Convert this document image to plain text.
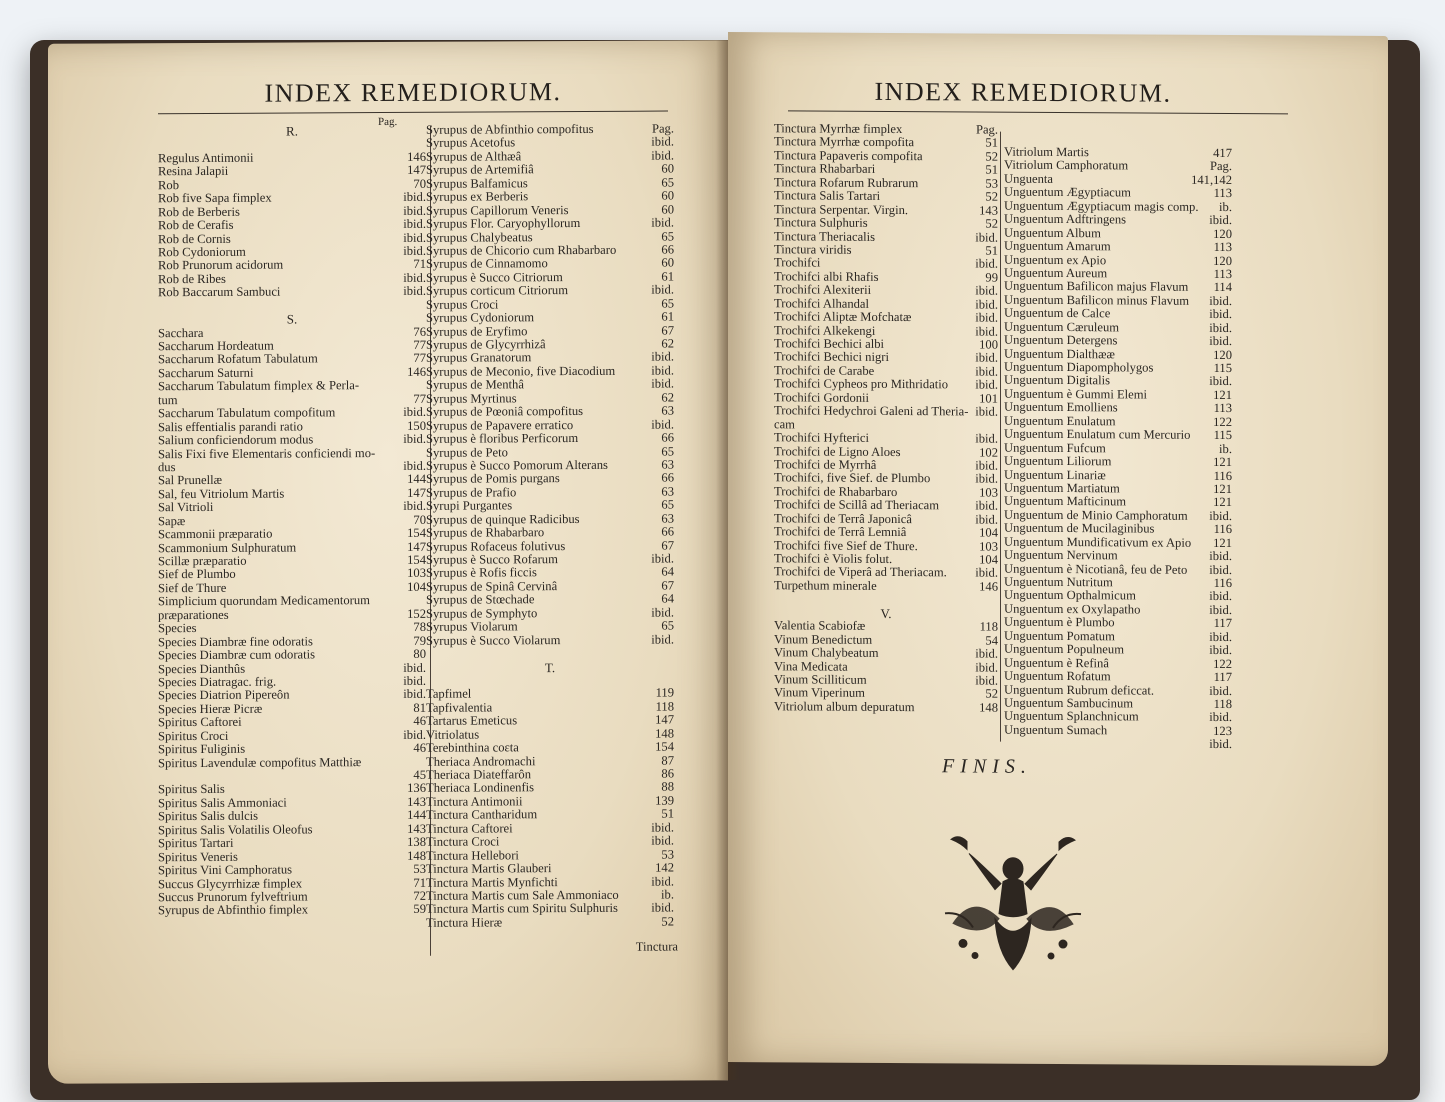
INDEX REMEDIORUM.
Pag.
R.
Regulus Antimonii	146
Resina Jalapii	147
Rob	70
Rob five Sapa fimplex	ibid.
Rob de Berberis	ibid.
Rob de Cerafis	ibid.
Rob de Cornis	ibid.
Rob Cydoniorum	ibid.
Rob Prunorum acidorum	71
Rob de Ribes	ibid.
Rob Baccarum Sambuci	ibid.
S.
Sacchara	76
Saccharum Hordeatum	77
Saccharum Rofatum Tabulatum	77
Saccharum Saturni	146
Saccharum Tabulatum fimplex & Perla-
tum	77
Saccharum Tabulatum compofitum	ibid.
Salis effentialis parandi ratio	150
Salium conficiendorum modus	ibid.
Salis Fixi five Elementaris conficiendi mo-
dus	ibid.
Sal Prunellæ	144
Sal, feu Vitriolum Martis	147
Sal Vitrioli	ibid.
Sapæ	70
Scammonii præparatio	154
Scammonium Sulphuratum	147
Scillæ præparatio	154
Sief de Plumbo	103
Sief de Thure	104
Simplicium quorundam Medicamentorum
præparationes	152
Species	78
Species Diambræ fine odoratis	79
Species Diambræ cum odoratis	80
Species Dianthûs	ibid.
Species Diatragac. frig.	ibid.
Species Diatrion Pipereôn	ibid.
Species Hieræ Picræ	81
Spiritus Caftorei	46
Spiritus Croci	ibid.
Spiritus Fuliginis	46
Spiritus Lavendulæ compofitus Matthiæ
45
Spiritus Salis	136
Spiritus Salis Ammoniaci	143
Spiritus Salis dulcis	144
Spiritus Salis Volatilis Oleofus	143
Spiritus Tartari	138
Spiritus Veneris	148
Spiritus Vini Camphoratus	53
Succus Glycyrrhizæ fimplex	71
Succus Prunorum fylveftrium	72
Syrupus de Abfinthio fimplex	59
Syrupus de Abfinthio compofitus	Pag.
Syrupus Acetofus	ibid.
Syrupus de Althæâ	ibid.
Syrupus de Artemifiâ	60
Syrupus Balfamicus	65
Syrupus ex Berberis	60
Syrupus Capillorum Veneris	60
Syrupus Flor. Caryophyllorum	ibid.
Syrupus Chalybeatus	65
Syrupus de Chicorio cum Rhabarbaro	66
Syrupus de Cinnamomo	60
Syrupus è Succo Citriorum	61
Syrupus corticum Citriorum	ibid.
Syrupus Croci	65
Syrupus Cydoniorum	61
Syrupus de Eryfimo	67
Syrupus de Glycyrrhizâ	62
Syrupus Granatorum	ibid.
Syrupus de Meconio, five Diacodium	ibid.
Syrupus de Menthâ	ibid.
Syrupus Myrtinus	62
Syrupus de Pœoniâ compofitus	63
Syrupus de Papavere erratico	ibid.
Syrupus è floribus Perficorum	66
Syrupus de Peto	65
Syrupus è Succo Pomorum Alterans	63
Syrupus de Pomis purgans	66
Syrupus de Prafio	63
Syrupi Purgantes	65
Syrupus de quinque Radicibus	63
Syrupus de Rhabarbaro	66
Syrupus Rofaceus folutivus	67
Syrupus è Succo Rofarum	ibid.
Syrupus è Rofis ficcis	64
Syrupus de Spinâ Cervinâ	67
Syrupus de Stœchade	64
Syrupus de Symphyto	ibid.
Syrupus Violarum	65
Syrupus è Succo Violarum	ibid.
T.
Tapfimel	119
Tapfivalentia	118
Tartarus Emeticus	147
Vitriolatus	148
Terebinthina coɛta	154
Theriaca Andromachi	87
Theriaca Diateffarôn	86
Theriaca Londinenfis	88
Tinctura Antimonii	139
Tinctura Cantharidum	51
Tinctura Caftorei	ibid.
Tinctura Croci	ibid.
Tinctura Hellebori	53
Tinctura Martis Glauberi	142
Tinctura Martis Mynfichti	ibid.
Tinctura Martis cum Sale Ammoniaco	ib.
Tinctura Martis cum Spiritu Sulphuris	ibid.
Tinctura Hieræ	52
Tinctura
INDEX REMEDIORUM.
Tinctura Myrrhæ fimplex	Pag.
Tinctura Myrrhæ compofita	51
Tinctura Papaveris compofita	52
Tinctura Rhabarbari	51
Tinctura Rofarum Rubrarum	53
Tinctura Salis Tartari	52
Tinctura Serpentar. Virgin.	143
Tinctura Sulphuris	52
Tinctura Theriacalis	ibid.
Tinctura viridis	51
Trochifci	ibid.
Trochifci albi Rhafis	99
Trochifci Alexiterii	ibid.
Trochifci Alhandal	ibid.
Trochifci Aliptæ Mofchatæ	ibid.
Trochifci Alkekengi	ibid.
Trochifci Bechici albi	100
Trochifci Bechici nigri	ibid.
Trochifci de Carabe	ibid.
Trochifci Cypheos pro Mithridatio ibid.
Trochifci Gordonii	101
Trochifci Hedychroi Galeni ad Theria- ibid.
cam
Trochifci Hyfterici	ibid.
Trochifci de Ligno Aloes	102
Trochifci de Myrrhâ	ibid.
Trochifci, five Sief. de Plumbo	ibid.
Trochifci de Rhabarbaro	103
Trochifci de Scillâ ad Theriacam	ibid.
Trochifci de Terrâ Japonicâ	ibid.
Trochifci de Terrâ Lemniâ	104
Trochifci five Sief de Thure.	103
Trochifci è Violis folut.	104
Trochifci de Viperâ ad Theriacam. ibid.
Turpethum minerale	146
V.
Valentia Scabiofæ	118
Vinum Benedictum	54
Vinum Chalybeatum	ibid.
Vina Medicata	ibid.
Vinum Scilliticum	ibid.
Vinum Viperinum	52
Vitriolum album depuratum	148
Vitriolum Martis	417
Vitriolum Camphoratum	Pag.
Unguenta	141,142
Unguentum Ægyptiacum	113
Unguentum Ægyptiacum magis comp. ib.
Unguentum Adftringens	ibid.
Unguentum Album	120
Unguentum Amarum	113
Unguentum ex Apio	120
Unguentum Aureum	113
Unguentum Bafilicon majus Flavum 114
Unguentum Bafilicon minus Flavum ibid.
Unguentum de Calce	ibid.
Unguentum Cæruleum	ibid.
Unguentum Detergens	ibid.
Unguentum Dialthææ	120
Unguentum Diapompholygos	115
Unguentum Digitalis	ibid.
Unguentum è Gummi Elemi	121
Unguentum Emolliens	113
Unguentum Enulatum	122
Unguentum Enulatum cum Mercurio 115
Unguentum Fufcum	ib.
Unguentum Liliorum	121
Unguentum Linariæ	116
Unguentum Martiatum	121
Unguentum Mafticinum	121
Unguentum de Minio Camphoratum ibid.
Unguentum de Mucilaginibus	116
Unguentum Mundificativum ex Apio 121
Unguentum Nervinum	ibid.
Unguentum è Nicotianâ, feu de Peto ibid.
Unguentum Nutritum	116
Unguentum Opthalmicum	ibid.
Unguentum ex Oxylapatho	ibid.
Unguentum è Plumbo	117
Unguentum Pomatum	ibid.
Unguentum Populneum	ibid.
Unguentum è Refinâ	122
Unguentum Rofatum	117
Unguentum Rubrum deficcat.	ibid.
Unguentum Sambucinum	118
Unguentum Splanchnicum	ibid.
Unguentum Sumach	123
ibid.
FINIS.
